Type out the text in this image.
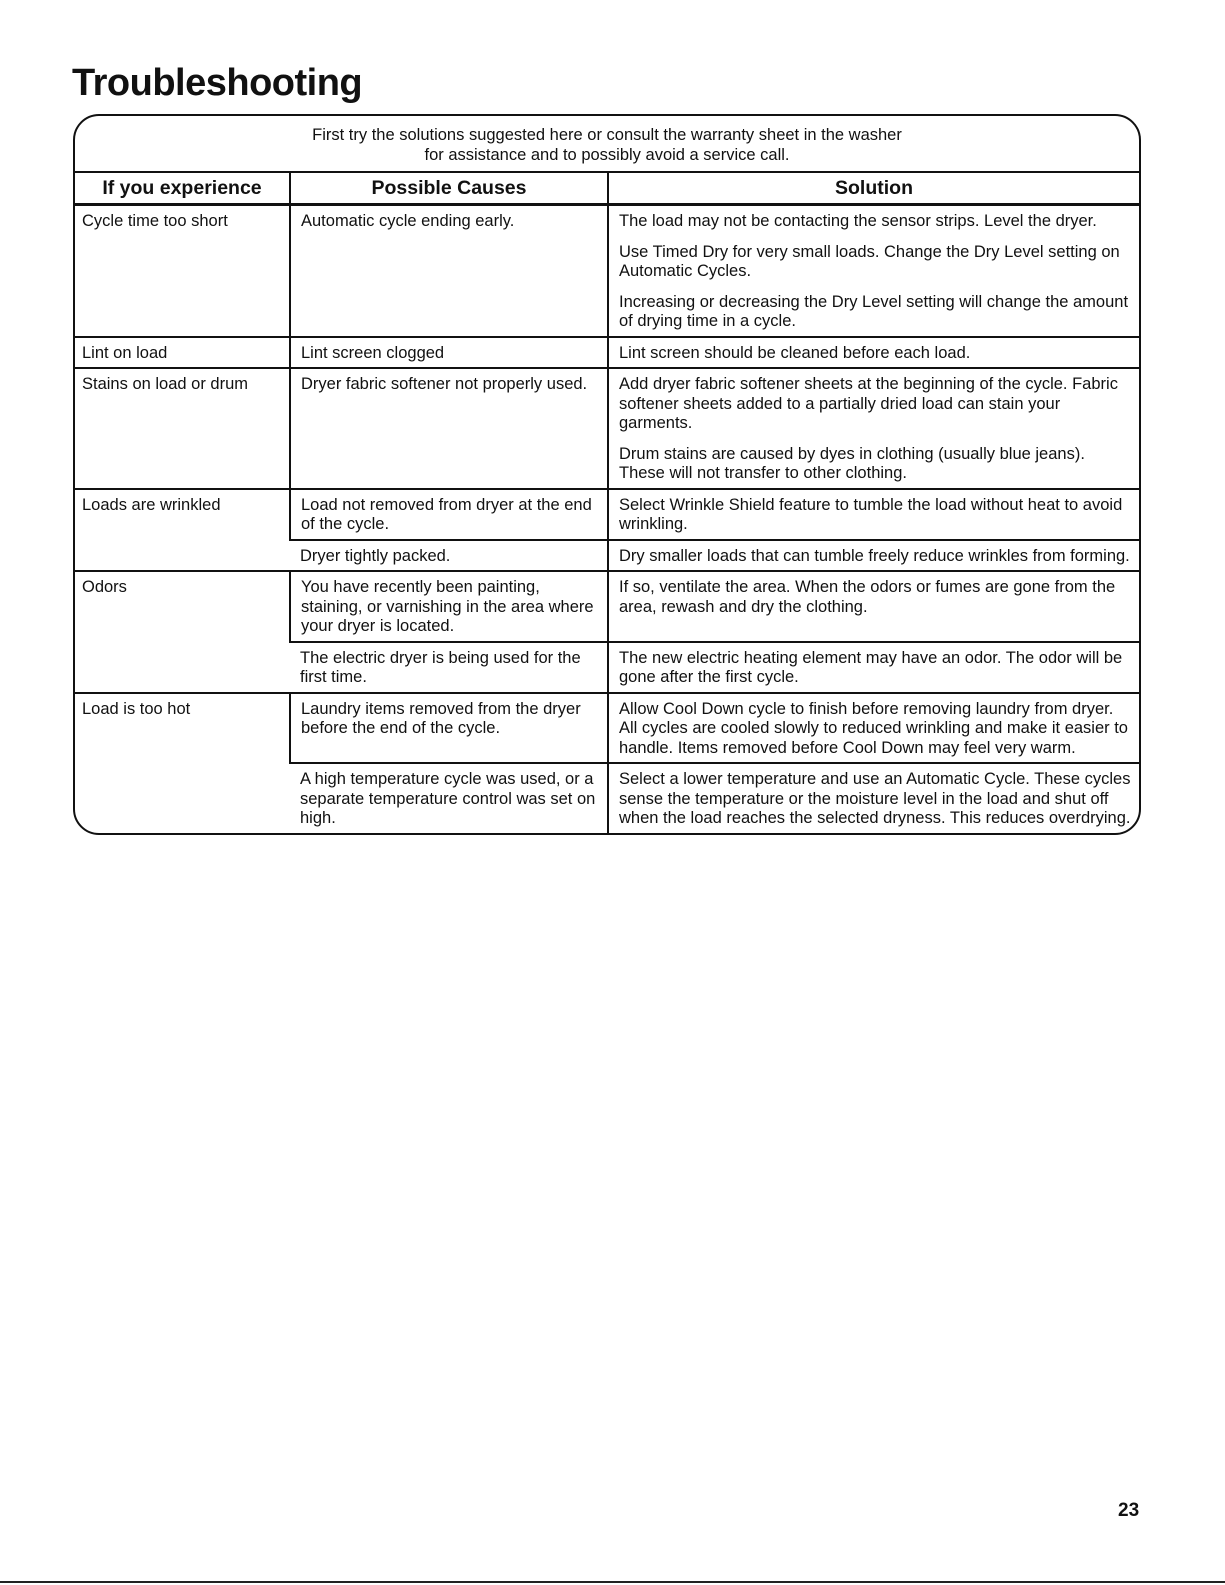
Troubleshooting
First try the solutions suggested here or consult the warranty sheet in the washer
for assistance and to possibly avoid a service call.
If you experience	Possible Causes	Solution
Cycle time too short	Automatic cycle ending early.	The load may not be contacting the sensor strips. Level the dryer.

Use Timed Dry for very small loads. Change the Dry Level setting on Automatic Cycles.

Increasing or decreasing the Dry Level setting will change the amount of drying time in a cycle.

Lint on load	Lint screen clogged	Lint screen should be cleaned before each load.

Stains on load or drum	Dryer fabric softener not properly used.	Add dryer fabric softener sheets at the beginning of the cycle. Fabric softener sheets added to a partially dried load can stain your garments.

Drum stains are caused by dyes in clothing (usually blue jeans). These will not transfer to other clothing.

Loads are wrinkled	Load not removed from dryer at the end of the cycle.	Select Wrinkle Shield feature to tumble the load without heat to avoid wrinkling.

	Dryer tightly packed.	Dry smaller loads that can tumble freely reduce wrinkles from forming.

Odors	You have recently been painting, staining, or varnishing in the area where your dryer is located.	If so, ventilate the area. When the odors or fumes are gone from the area, rewash and dry the clothing.

	The electric dryer is being used for the first time.	The new electric heating element may have an odor. The odor will be gone after the first cycle.

Load is too hot	Laundry items removed from the dryer before the end of the cycle.	Allow Cool Down cycle to finish before removing laundry from dryer. All cycles are cooled slowly to reduced wrinkling and make it easier to handle. Items removed before Cool Down may feel very warm.

	A high temperature cycle was used, or a separate temperature control was set on high.	Select a lower temperature and use an Automatic Cycle. These cycles sense the temperature or the moisture level in the load and shut off when the load reaches the selected dryness. This reduces overdrying.

23
